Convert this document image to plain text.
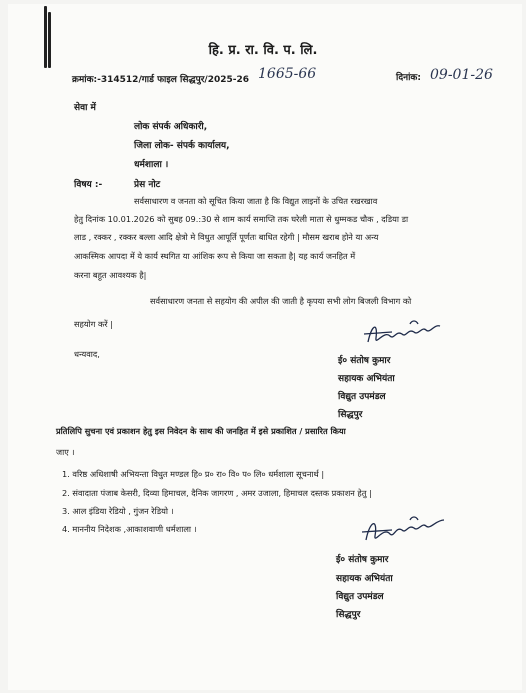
हि. प्र. रा. वि. प. लि.
क्रमांक:-314512/गार्ड फाइल सिद्धपुर/2025-26 1665-66	दिनांक: 09-01-26
सेवा में
लोक संपर्क अधिकारी,
जिला लोक- संपर्क कार्यालय,
धर्मशाला ।
विषय :-	प्रेस नोट
सर्वसाधारण व जनता को सूचित किया जाता है कि विद्युत लाइनों के उचित रखरखाव
हेतु दिनांक 10.01.2026 को सुबह 09.:30 से शाम कार्य समाप्ति तक घरेली माता से धुम्मकड चौक , दडिया डा
लाड , रक्कर , रक्कर बल्ला आदि क्षेत्रो मे विधुत आपूर्ति पूर्णतः बाधित रहेगी | मौसम खराब होने या अन्य
आकस्मिक आपदा में ये कार्य स्थगित या आंशिक रूप से किया जा सकता है| यह कार्य जनहित में
करना बहुत आवश्यक है|
सर्वसाधारण जनता से सहयोग की अपील की जाती है कृपया सभी लोग बिजली विभाग को
सहयोग करें |
धन्यवाद,
ई० संतोष कुमार
सहायक अभियंता
विद्युत उपमंडल
सिद्धपुर
प्रतिलिपि सुचना एवं प्रकाशन हेतु इस निवेदन के साथ की जनहित में इसे प्रकाशित / प्रसारित किया
जाए ।
1. वरिष्ठ अधिशाषी अभियन्ता विधुत मण्डल हि० प्र० रा० वि० प० लि० धर्मशाला सूचनार्थ |
2. संवादाता पंजाब केसरी, दिव्या हिमाचल, दैनिक जागरण , अमर उजाला, हिमाचल दस्तक प्रकाशन हेतु |
3. आल इंडिया रेडियो , गुंजन रेडियो ।
4. माननीय निदेशक ,आकाशवाणी धर्मशाला ।
ई० संतोष कुमार
सहायक अभियंता
विद्युत उपमंडल
सिद्धपुर
